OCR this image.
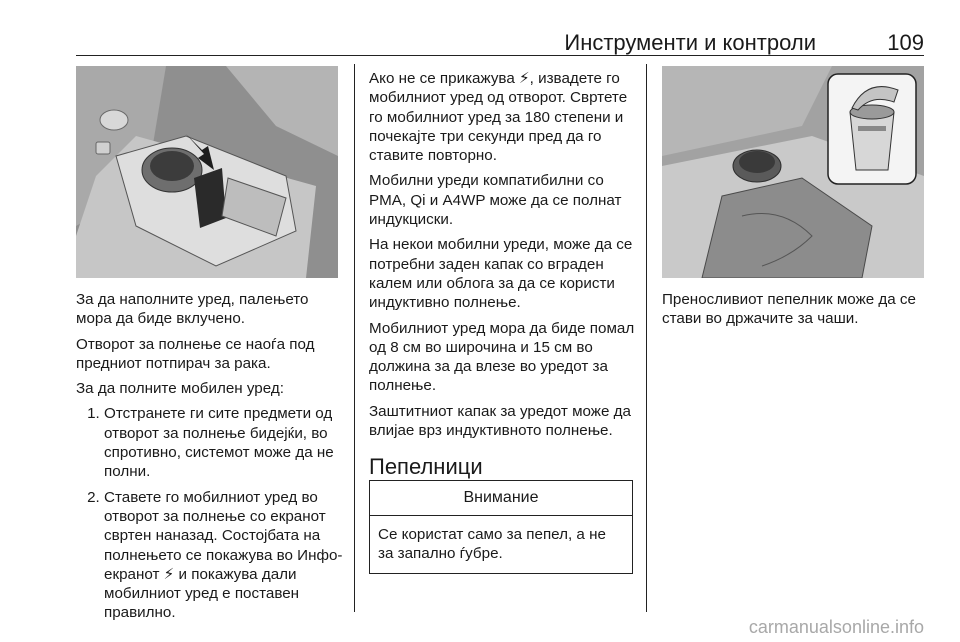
Инструменти и контроли	109

За да наполните уред, палењето мора да биде вклучено.

Отворот за полнење се наоѓа под предниот потпирач за рака.

За да полните мобилен уред:

1. Отстранете ги сите предмети од отворот за полнење бидејќи, во спротивно, системот може да не полни.
2. Ставете го мобилниот уред во отворот за полнење со екранот свртен наназад. Состојбата на полнењето се покажува во Инфо-екранот ⚡︎ и покажува дали мобилниот уред е поставен правилно.

Ако не се прикажува ⚡︎, извадете го мобилниот уред од отворот. Свртете го мобилниот уред за 180 степени и почекајте три секунди пред да го ставите повторно.

Мобилни уреди компатибилни со PMA, Qi и A4WP може да се полнат индукциски.

На некои мобилни уреди, може да се потребни заден капак со вграден калем или облога за да се користи индуктивно полнење.

Мобилниот уред мора да биде помал од 8 см во широчина и 15 см во должина за да влезе во уредот за полнење.

Заштитниот капак за уредот може да влијае врз индуктивното полнење.

Пепелници
Внимание
Се користат само за пепел, а не за запално ѓубре.

Преносливиот пепелник може да се стави во држачите за чаши.

carmanualsonline.info
